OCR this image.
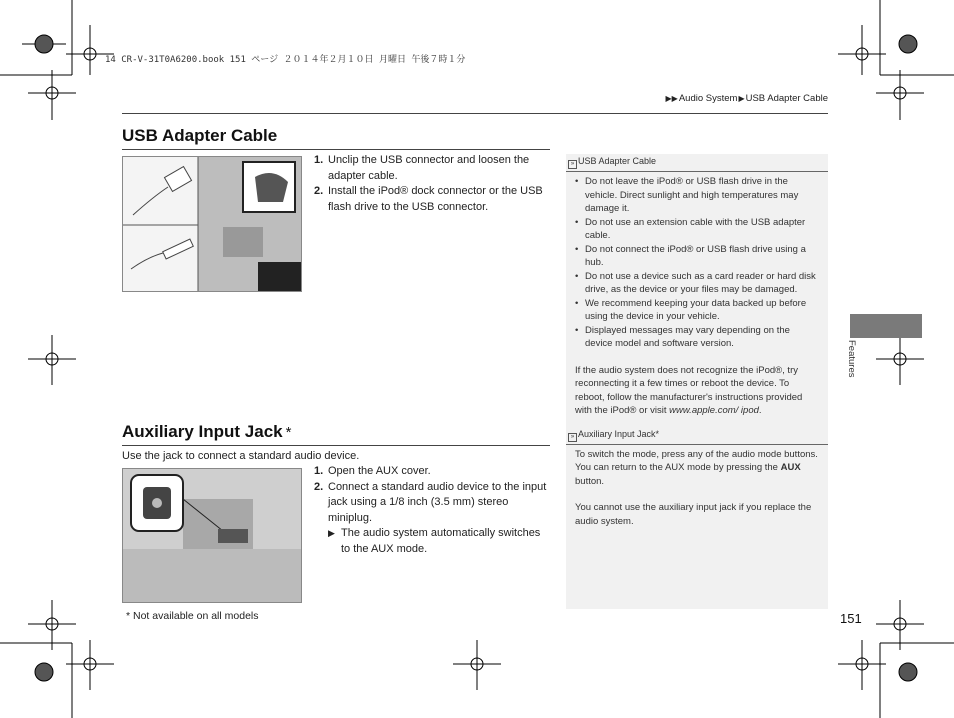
14 CR-V-31T0A6200.book 151 ページ ２０１４年２月１０日 月曜日 午後７時１分
▶▶Audio System▶USB Adapter Cable
USB Adapter Cable
1. Unclip the USB connector and loosen the adapter cable.
2. Install the iPod® dock connector or the USB flash drive to the USB connector.
Auxiliary Input Jack *
Use the jack to connect a standard audio device.
1. Open the AUX cover.
2. Connect a standard audio device to the input jack using a 1/8 inch (3.5 mm) stereo miniplug.
▶ The audio system automatically switches to the AUX mode.
» USB Adapter Cable
• Do not leave the iPod® or USB flash drive in the vehicle. Direct sunlight and high temperatures may damage it.
• Do not use an extension cable with the USB adapter cable.
• Do not connect the iPod® or USB flash drive using a hub.
• Do not use a device such as a card reader or hard disk drive, as the device or your files may be damaged.
• We recommend keeping your data backed up before using the device in your vehicle.
• Displayed messages may vary depending on the device model and software version.

If the audio system does not recognize the iPod®, try reconnecting it a few times or reboot the device. To reboot, follow the manufacturer's instructions provided with the iPod® or visit www.apple.com/ ipod.

» Auxiliary Input Jack*

To switch the mode, press any of the audio mode buttons. You can return to the AUX mode by pressing the AUX button.

You cannot use the auxiliary input jack if you replace the audio system.

Features
* Not available on all models	151
